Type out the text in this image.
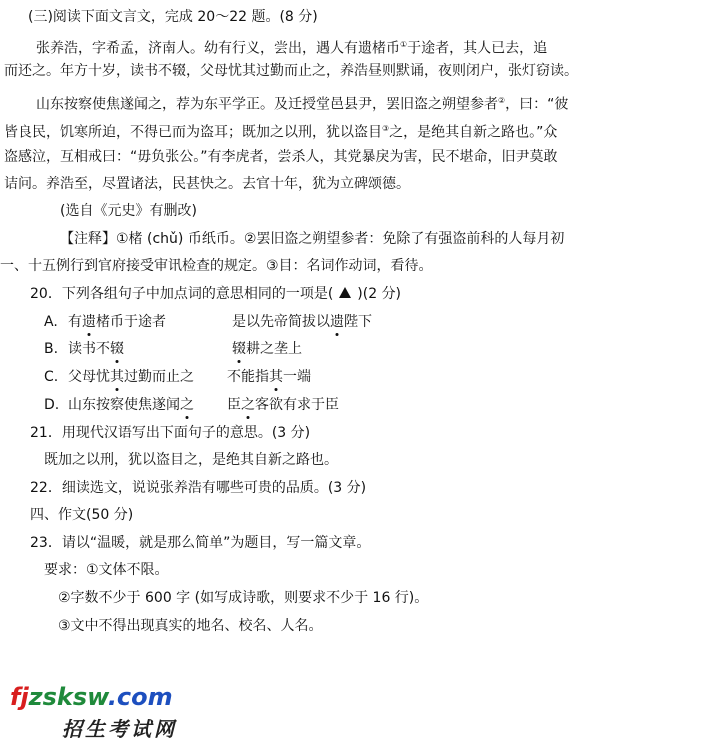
(三)阅读下面文言文，完成 20～22 题。(8 分)
张养浩，字希孟，济南人。幼有行义，尝出，遇人有遗楮币①于途者，其人已去，追
而还之。年方十岁，读书不辍，父母忧其过勤而止之，养浩昼则默诵，夜则闭户，张灯窃读。
山东按察使焦遂闻之，荐为东平学正。及迁授堂邑县尹，罢旧盗之朔望参者②，曰：“彼
皆良民，饥寒所迫，不得已而为盗耳；既加之以刑，犹以盗目③之，是绝其自新之路也。”众
盗感泣，互相戒曰：“毋负张公。”有李虎者，尝杀人，其党暴戾为害，民不堪命，旧尹莫敢
诘问。养浩至，尽置诸法，民甚快之。去官十年，犹为立碑颂德。
(选自《元史》有删改)
【注释】①楮 (chǔ) 币纸币。②罢旧盗之朔望参者：免除了有强盗前科的人每月初
一、十五例行到官府接受审讯检查的规定。③目：名词作动词，看待。
20．下列各组句子中加点词的意思相同的一项是( )(2 分)
A. 有遗楮币于途者	是以先帝简拔以遗陛下
B. 读书不辍	辍耕之垄上
C. 父母忧其过勤而止之 不能指其一端
D. 山东按察使焦遂闻之 臣之客欲有求于臣
21．用现代汉语写出下面句子的意思。(3 分)
既加之以刑，犹以盗目之，是绝其自新之路也。
22．细读选文，说说张养浩有哪些可贵的品质。(3 分)
四、作文(50 分)
23．请以“温暖，就是那么简单”为题目，写一篇文章。
要求：①文体不限。
②字数不少于 600 字 (如写成诗歌，则要求不少于 16 行)。
③文中不得出现真实的地名、校名、人名。
fjzsksw.com
招生考试网
